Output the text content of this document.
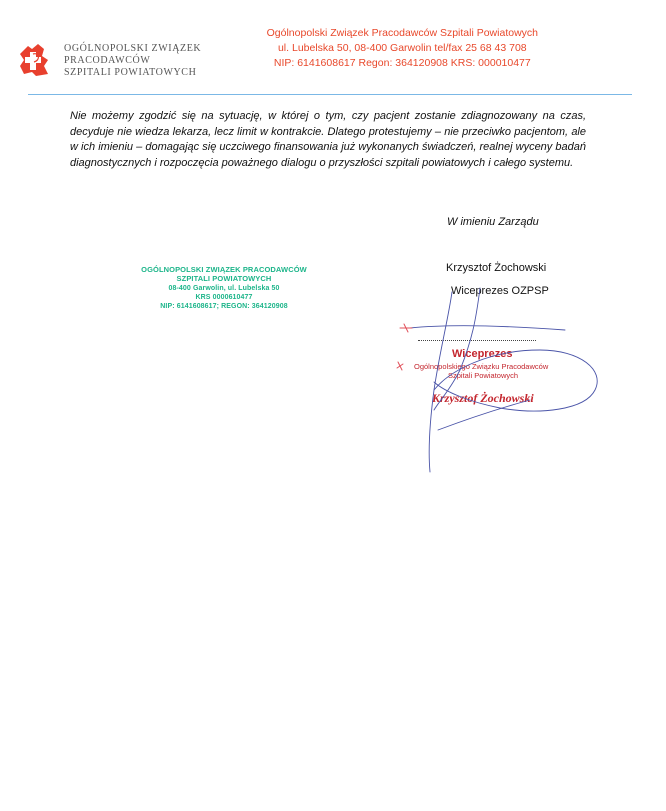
OGÓLNOPOLSKI ZWIĄZEK
PRACODAWCÓW
SZPITALI POWIATOWYCH
Ogólnopolski Związek Pracodawców Szpitali Powiatowych
ul. Lubelska 50, 08-400 Garwolin tel/fax 25 68 43 708
NIP: 6141608617 Regon: 364120908 KRS: 000010477
Nie możemy zgodzić się na sytuację, w której o tym, czy pacjent zostanie zdiagnozowany na czas, decyduje nie wiedza lekarza, lecz limit w kontrakcie. Dlatego protestujemy – nie przeciwko pacjentom, ale w ich imieniu – domagając się uczciwego finansowania już wykonanych świadczeń, realnej wyceny badań diagnostycznych i rozpoczęcia poważnego dialogu o przyszłości szpitali powiatowych i całego systemu.
W imieniu Zarządu
Krzysztof Żochowski
Wiceprezes OZPSP
OGÓLNOPOLSKI ZWIĄZEK PRACODAWCÓW
SZPITALI POWIATOWYCH
08-400 Garwolin, ul. Lubelska 50
KRS 0000610477
NIP: 6141608617; REGON: 364120908
Wiceprezes
Ogólnopolskiego Związku Pracodawców
Szpitali Powiatowych
Krzysztof Żochowski
